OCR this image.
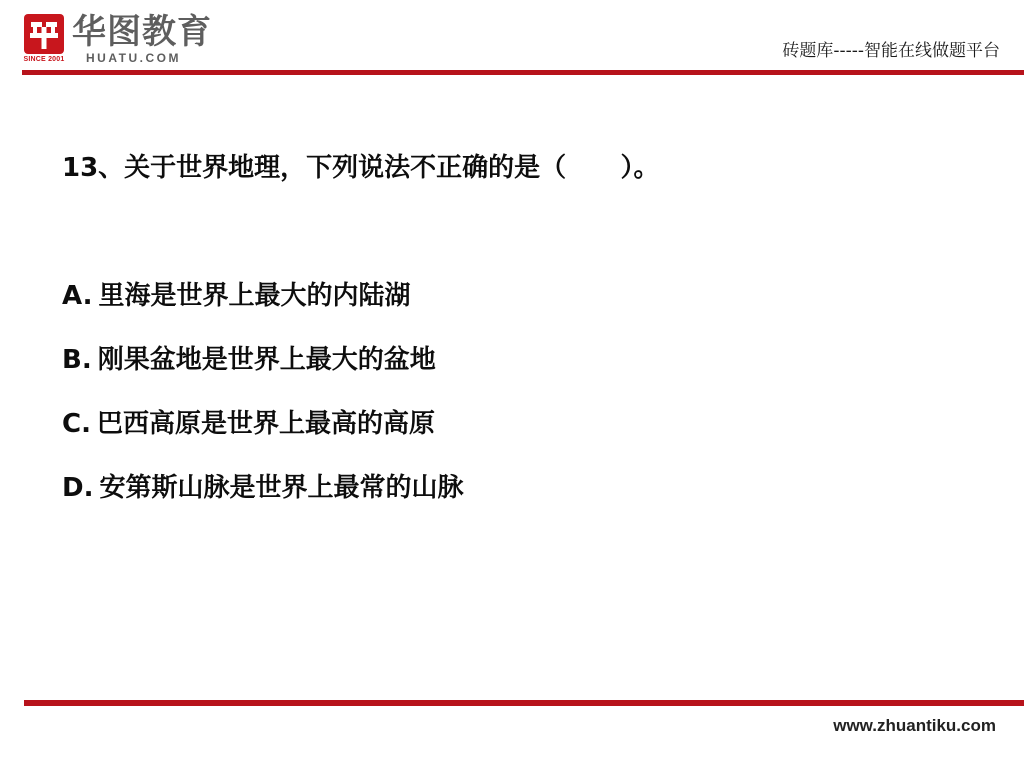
SINCE 2001
华图教育
HUATU.COM	砖题库-----智能在线做题平台
13、关于世界地理，下列说法不正确的是（      ）。
A. 里海是世界上最大的内陆湖
B. 刚果盆地是世界上最大的盆地
C. 巴西高原是世界上最高的高原
D. 安第斯山脉是世界上最常的山脉
www.zhuantiku.com
